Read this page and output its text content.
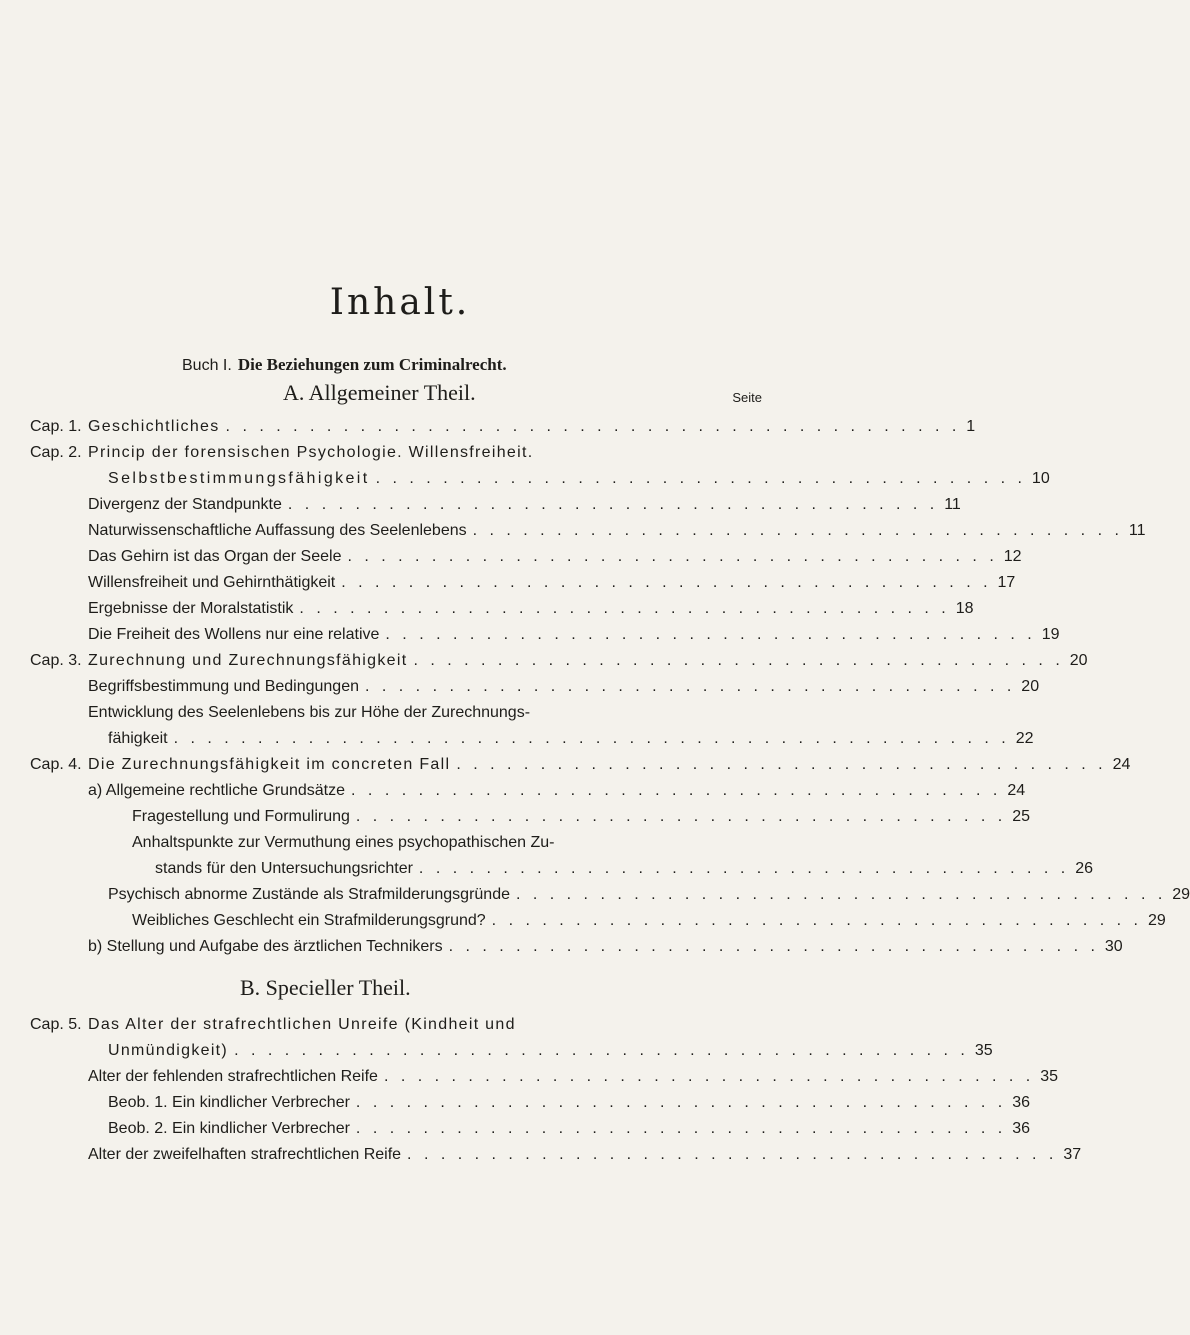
Inhalt.
Buch I. Die Beziehungen zum Criminalrecht.
A. Allgemeiner Theil.	Seite
Cap. 1. Geschichtliches . . . . . . . . . . . . . . . . . . . . . . . . . . . . . . . . . . . . . . . . . . . . 1
Cap. 2. Princip der forensischen Psychologie. Willensfreiheit.
Selbstbestimmungsfähigkeit . . . . . . . . . . . . . . . . . . . . . . . . . . . . . . . . . . . . . . . 10
Divergenz der Standpunkte . . . . . . . . . . . . . . . . . . . . . . . . . . . . . . . . . . . . . . . 11
Naturwissenschaftliche Auffassung des Seelenlebens . . . . . . . . . . . . . . . . . . . . . . . . . . . . . . . . . . . . . . . 11
Das Gehirn ist das Organ der Seele . . . . . . . . . . . . . . . . . . . . . . . . . . . . . . . . . . . . . . . 12
Willensfreiheit und Gehirnthätigkeit . . . . . . . . . . . . . . . . . . . . . . . . . . . . . . . . . . . . . . . 17
Ergebnisse der Moralstatistik . . . . . . . . . . . . . . . . . . . . . . . . . . . . . . . . . . . . . . . 18
Die Freiheit des Wollens nur eine relative . . . . . . . . . . . . . . . . . . . . . . . . . . . . . . . . . . . . . . . 19
Cap. 3. Zurechnung und Zurechnungsfähigkeit . . . . . . . . . . . . . . . . . . . . . . . . . . . . . . . . . . . . . . . 20
Begriffsbestimmung und Bedingungen . . . . . . . . . . . . . . . . . . . . . . . . . . . . . . . . . . . . . . . 20
Entwicklung des Seelenlebens bis zur Höhe der Zurechnungs-
fähigkeit . . . . . . . . . . . . . . . . . . . . . . . . . . . . . . . . . . . . . . . . . . . . . . . . . . 22
Cap. 4. Die Zurechnungsfähigkeit im concreten Fall . . . . . . . . . . . . . . . . . . . . . . . . . . . . . . . . . . . . . . . 24
a) Allgemeine rechtliche Grundsätze . . . . . . . . . . . . . . . . . . . . . . . . . . . . . . . . . . . . . . . 24
Fragestellung und Formulirung . . . . . . . . . . . . . . . . . . . . . . . . . . . . . . . . . . . . . . . 25
Anhaltspunkte zur Vermuthung eines psychopathischen Zu-
stands für den Untersuchungsrichter . . . . . . . . . . . . . . . . . . . . . . . . . . . . . . . . . . . . . . . 26
Psychisch abnorme Zustände als Strafmilderungsgründe . . . . . . . . . . . . . . . . . . . . . . . . . . . . . . . . . . . . . . . 29
Weibliches Geschlecht ein Strafmilderungsgrund? . . . . . . . . . . . . . . . . . . . . . . . . . . . . . . . . . . . . . . . 29
b) Stellung und Aufgabe des ärztlichen Technikers . . . . . . . . . . . . . . . . . . . . . . . . . . . . . . . . . . . . . . . 30
B. Specieller Theil.
Cap. 5. Das Alter der strafrechtlichen Unreife (Kindheit und
Unmündigkeit) . . . . . . . . . . . . . . . . . . . . . . . . . . . . . . . . . . . . . . . . . . . . 35
Alter der fehlenden strafrechtlichen Reife . . . . . . . . . . . . . . . . . . . . . . . . . . . . . . . . . . . . . . . 35
Beob. 1. Ein kindlicher Verbrecher . . . . . . . . . . . . . . . . . . . . . . . . . . . . . . . . . . . . . . . 36
Beob. 2. Ein kindlicher Verbrecher . . . . . . . . . . . . . . . . . . . . . . . . . . . . . . . . . . . . . . . 36
Alter der zweifelhaften strafrechtlichen Reife . . . . . . . . . . . . . . . . . . . . . . . . . . . . . . . . . . . . . . . 37
